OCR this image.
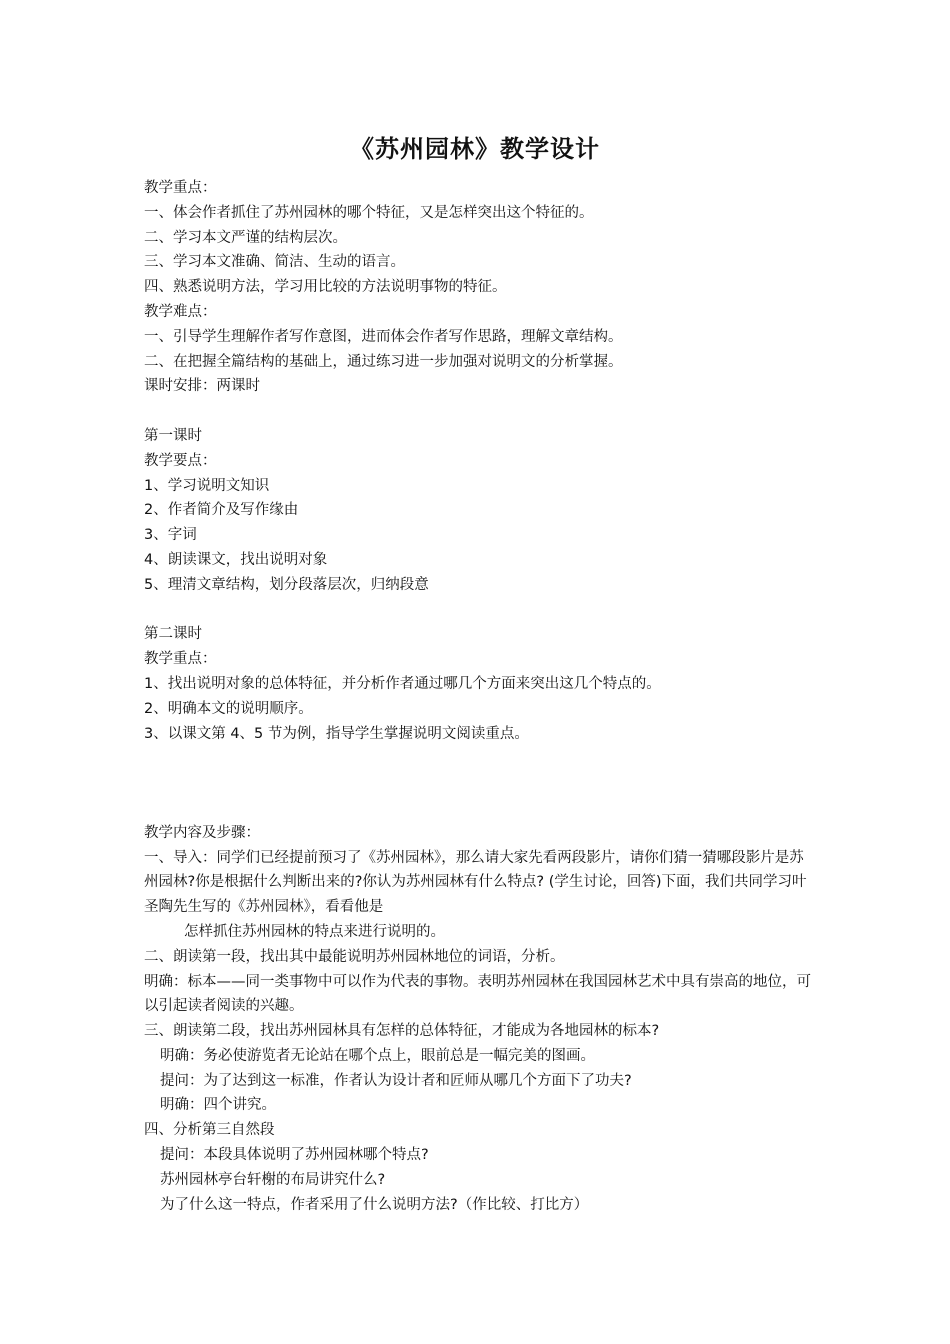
《苏州园林》教学设计
教学重点：
一、体会作者抓住了苏州园林的哪个特征，又是怎样突出这个特征的。
二、学习本文严谨的结构层次。
三、学习本文准确、简洁、生动的语言。
四、熟悉说明方法，学习用比较的方法说明事物的特征。
教学难点：
一、引导学生理解作者写作意图，进而体会作者写作思路，理解文章结构。
二、在把握全篇结构的基础上，通过练习进一步加强对说明文的分析掌握。
课时安排：两课时
第一课时
教学要点：
1、学习说明文知识
2、作者简介及写作缘由
3、字词
4、朗读课文，找出说明对象
5、理清文章结构，划分段落层次，归纳段意
第二课时
教学重点：
1、找出说明对象的总体特征，并分析作者通过哪几个方面来突出这几个特点的。
2、明确本文的说明顺序。
3、以课文第 4、5 节为例，指导学生掌握说明文阅读重点。
教学内容及步骤：
一、导入：同学们已经提前预习了《苏州园林》，那么请大家先看两段影片，请你们猜一猜哪段影片是苏州园林?你是根据什么判断出来的?你认为苏州园林有什么特点? (学生讨论，回答)下面，我们共同学习叶圣陶先生写的《苏州园林》，看看他是
怎样抓住苏州园林的特点来进行说明的。
二、朗读第一段，找出其中最能说明苏州园林地位的词语，分析。
明确：标本——同一类事物中可以作为代表的事物。表明苏州园林在我国园林艺术中具有崇高的地位，可以引起读者阅读的兴趣。
三、朗读第二段，找出苏州园林具有怎样的总体特征，才能成为各地园林的标本?
明确：务必使游览者无论站在哪个点上，眼前总是一幅完美的图画。
提问：为了达到这一标准，作者认为设计者和匠师从哪几个方面下了功夫?
明确：四个讲究。
四、分析第三自然段
提问：本段具体说明了苏州园林哪个特点?
苏州园林亭台轩榭的布局讲究什么?
为了什么这一特点，作者采用了什么说明方法?（作比较、打比方）
